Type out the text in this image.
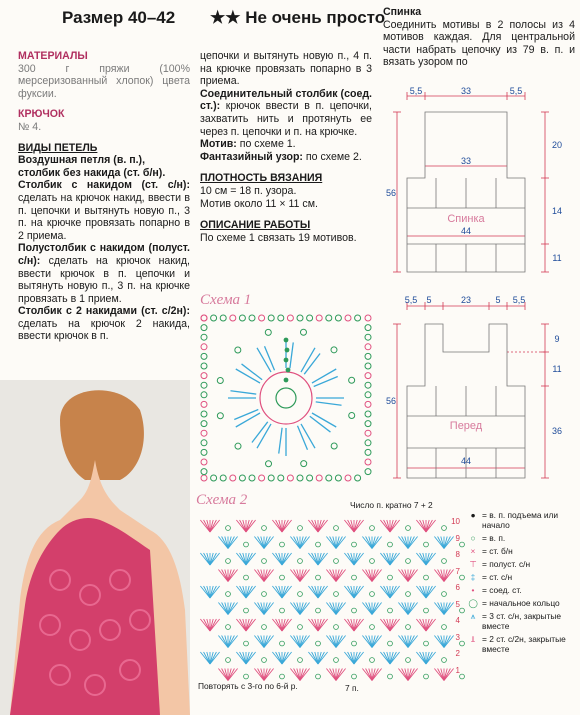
Размер 40–42 ★★ Не очень просто
МАТЕРИАЛЫ

300 г пряжи (100% мерсеризованный хлопок) цвета фуксии.

КРЮЧОК

№ 4.

ВИДЫ ПЕТЕЛЬ

Воздушная петля (в. п.), столбик без накида (ст. б/н).

Столбик с накидом (ст. с/н): сделать на крючок накид, ввести в п. цепочки и вытянуть новую п., 3 п. на крючке провязать попарно в 2 приема.

Полустолбик с накидом (полуст. с/н): сделать на крючок накид, ввести крючок в п. цепочки и вытянуть новую п., 3 п. на крючке провязать в 1 прием.

Столбик с 2 накидами (ст. с/2н): сделать на крючок 2 накида, ввести крючок в п.

цепочки и вытянуть новую п., 4 п. на крючке провязать попарно в 3 приема.

Соединительный столбик (соед. ст.): крючок ввести в п. цепочки, захватить нить и протянуть ее через п. цепочки и п. на крючке.

Мотив: по схеме 1.

Фантазийный узор: по схеме 2.

ПЛОТНОСТЬ ВЯЗАНИЯ

10 см = 18 п. узора.

Мотив около 11 × 11 см.

ОПИСАНИЕ РАБОТЫ

По схеме 1 связать 19 мотивов.

Спинка

Соединить мотивы в 2 полосы из 4 мотивов каждая. Для центральной части набрать цепочку из 79 в. п. и вязать узором по

5,5	33	5,5
33
44
20
14
11
56
Спинка
5,5 5	23	5 5,5
44
9
11
36
56
Перед
Схема 1
Схема 2	Число п. кратно 7 + 2
Повторять с 3-го по 6-й р.	7 п.
10
9
8
7
6
5
4
3
2
1
● = в. п. подъема или начало
○ = в. п.
× = ст. б/н
⊤ = полуст. с/н
‡ = ст. с/н
• = соед. ст.
◯ = начальное кольцо
⩚ = 3 ст. с/н, закрытые вместе
⫫ = 2 ст. с/2н, закрытые вместе
